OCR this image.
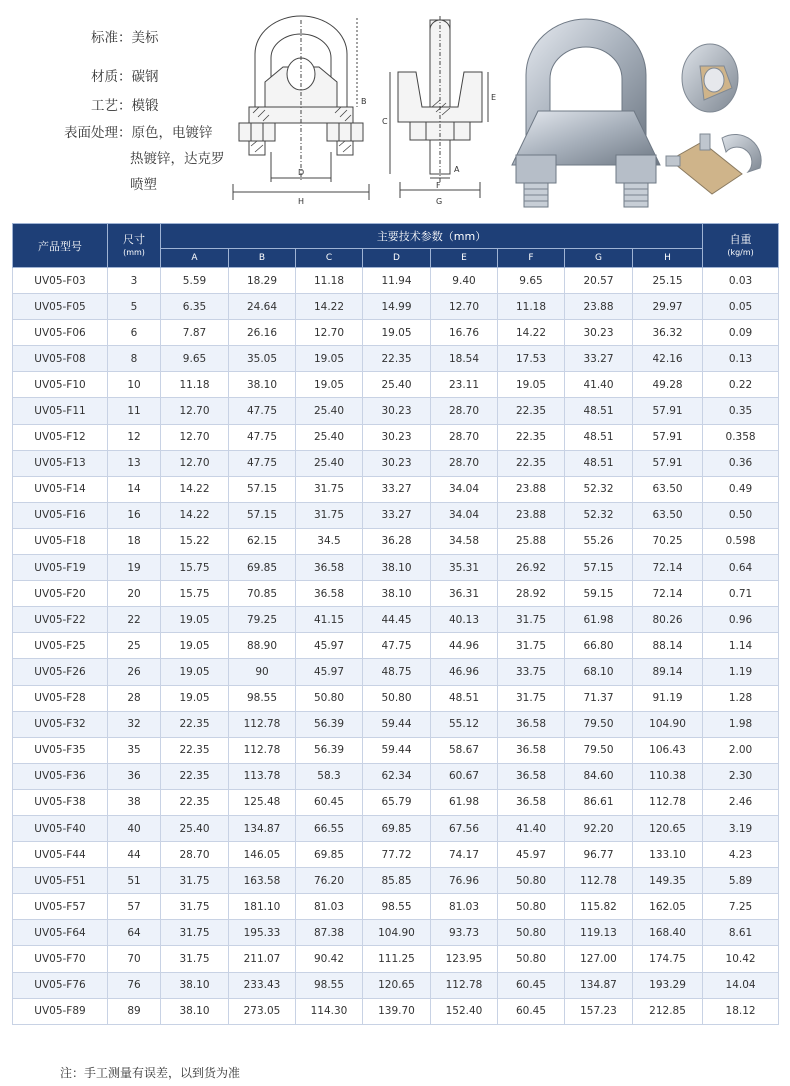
标准：美标
材质：碳钢
工艺：模锻
表面处理：原色，电镀锌
热镀锌，达克罗
喷塑
B
D
H
C
E
A
F
G
产品型号	尺寸
(mm)	主要技术参数（mm）								自重
(kg/m)

		A	B	C	D	E	F	G	H	
UV05-F03	3	5.59	18.29	11.18	11.94	9.40	9.65	20.57	25.15	0.03
UV05-F05	5	6.35	24.64	14.22	14.99	12.70	11.18	23.88	29.97	0.05
UV05-F06	6	7.87	26.16	12.70	19.05	16.76	14.22	30.23	36.32	0.09
UV05-F08	8	9.65	35.05	19.05	22.35	18.54	17.53	33.27	42.16	0.13
UV05-F10	10	11.18	38.10	19.05	25.40	23.11	19.05	41.40	49.28	0.22
UV05-F11	11	12.70	47.75	25.40	30.23	28.70	22.35	48.51	57.91	0.35
UV05-F12	12	12.70	47.75	25.40	30.23	28.70	22.35	48.51	57.91	0.358
UV05-F13	13	12.70	47.75	25.40	30.23	28.70	22.35	48.51	57.91	0.36
UV05-F14	14	14.22	57.15	31.75	33.27	34.04	23.88	52.32	63.50	0.49
UV05-F16	16	14.22	57.15	31.75	33.27	34.04	23.88	52.32	63.50	0.50
UV05-F18	18	15.22	62.15	34.5	36.28	34.58	25.88	55.26	70.25	0.598
UV05-F19	19	15.75	69.85	36.58	38.10	35.31	26.92	57.15	72.14	0.64
UV05-F20	20	15.75	70.85	36.58	38.10	36.31	28.92	59.15	72.14	0.71
UV05-F22	22	19.05	79.25	41.15	44.45	40.13	31.75	61.98	80.26	0.96
UV05-F25	25	19.05	88.90	45.97	47.75	44.96	31.75	66.80	88.14	1.14
UV05-F26	26	19.05	90	45.97	48.75	46.96	33.75	68.10	89.14	1.19
UV05-F28	28	19.05	98.55	50.80	50.80	48.51	31.75	71.37	91.19	1.28
UV05-F32	32	22.35	112.78	56.39	59.44	55.12	36.58	79.50	104.90	1.98
UV05-F35	35	22.35	112.78	56.39	59.44	58.67	36.58	79.50	106.43	2.00
UV05-F36	36	22.35	113.78	58.3	62.34	60.67	36.58	84.60	110.38	2.30
UV05-F38	38	22.35	125.48	60.45	65.79	61.98	36.58	86.61	112.78	2.46
UV05-F40	40	25.40	134.87	66.55	69.85	67.56	41.40	92.20	120.65	3.19
UV05-F44	44	28.70	146.05	69.85	77.72	74.17	45.97	96.77	133.10	4.23
UV05-F51	51	31.75	163.58	76.20	85.85	76.96	50.80	112.78	149.35	5.89
UV05-F57	57	31.75	181.10	81.03	98.55	81.03	50.80	115.82	162.05	7.25
UV05-F64	64	31.75	195.33	87.38	104.90	93.73	50.80	119.13	168.40	8.61
UV05-F70	70	31.75	211.07	90.42	111.25	123.95	50.80	127.00	174.75	10.42
UV05-F76	76	38.10	233.43	98.55	120.65	112.78	60.45	134.87	193.29	14.04
UV05-F89	89	38.10	273.05	114.30	139.70	152.40	60.45	157.23	212.85	18.12
注：手工测量有误差，以到货为准
